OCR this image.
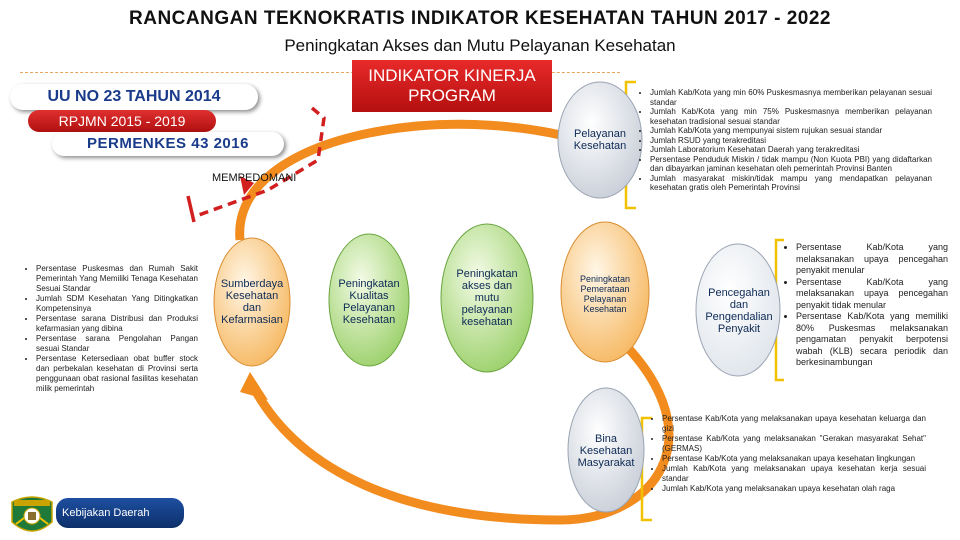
RANCANGAN TEKNOKRATIS INDIKATOR KESEHATAN TAHUN 2017 - 2022
Peningkatan Akses dan Mutu Pelayanan Kesehatan
UU NO 23 TAHUN 2014
RPJMN 2015 - 2019
PERMENKES 43 2016
MEMPEDOMANI
INDIKATOR KINERJA PROGRAM
Sumberdaya Kesehatan dan Kefarmasian
Peningkatan Kualitas Pelayanan Kesehatan
Peningkatan akses dan mutu pelayanan kesehatan
Peningkatan Pemerataan Pelayanan Kesehatan
Pelayanan Kesehatan
Pencegahan dan Pengendalian Penyakit
Bina Kesehatan Masyarakat
• Persentase Puskesmas dan Rumah Sakit Pemerintah Yang Memiliki Tenaga Kesehatan Sesuai Standar
• Jumlah SDM Kesehatan Yang Ditingkatkan Kompetensinya
• Persentase sarana Distribusi dan Produksi kefarmasian yang dibina
• Persentase sarana Pengolahan Pangan sesuai Standar
• Persentase Ketersediaan obat buffer stock dan perbekalan kesehatan di Provinsi serta penggunaan obat rasional fasilitas kesehatan milik pemerintah
• Jumlah Kab/Kota yang min 60% Puskesmasnya memberikan pelayanan sesuai standar
• Jumlah Kab/Kota yang min 75% Puskesmasnya memberikan pelayanan kesehatan tradisional sesuai standar
• Jumlah Kab/Kota yang mempunyai sistem rujukan sesuai standar
• Jumlah RSUD yang terakreditasi
• Jumlah Laboratorium Kesehatan Daerah yang terakreditasi
• Persentase Penduduk Miskin / tidak mampu (Non Kuota PBI) yang didaftarkan dan dibayarkan jaminan kesehatan oleh pemerintah Provinsi Banten
• Jumlah masyarakat miskin/tidak mampu yang mendapatkan pelayanan kesehatan gratis oleh Pemerintah Provinsi
• Persentase Kab/Kota yang melaksanakan upaya pencegahan penyakit menular
• Persentase Kab/Kota yang melaksanakan upaya pencegahan penyakit tidak menular
• Persentase Kab/Kota yang memiliki 80% Puskesmas melaksanakan pengamatan penyakit berpotensi wabah (KLB) secara periodik dan berkesinambungan
• Persentase Kab/Kota yang melaksanakan upaya kesehatan keluarga dan gizi
• Persentase Kab/Kota yang melaksanakan "Gerakan masyarakat Sehat" (GERMAS)
• Persentase Kab/Kota yang melaksanakan upaya kesehatan lingkungan
• Jumlah Kab/Kota yang melaksanakan upaya kesehatan kerja sesuai standar
• Jumlah Kab/Kota yang melaksanakan upaya kesehatan olah raga
Kebijakan Daerah
